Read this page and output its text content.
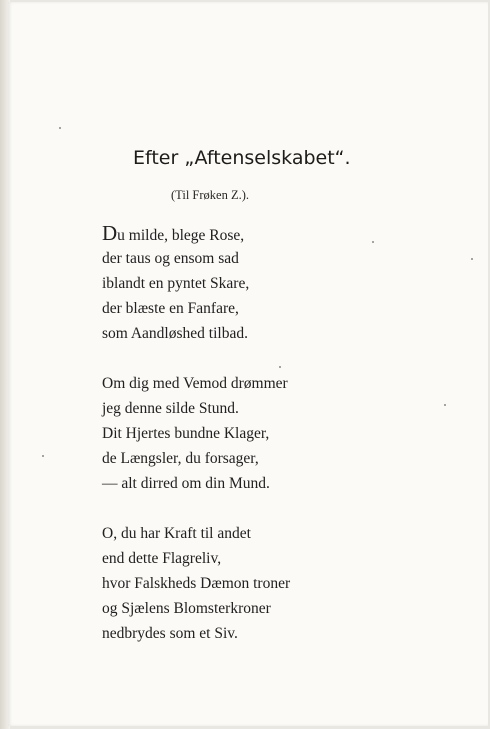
Efter „Aftenselskabet“.
(Til Frøken Z.).
Du milde, blege Rose,
der taus og ensom sad
iblandt en pyntet Skare,
der blæste en Fanfare,
som Aandløshed tilbad.
Om dig med Vemod drømmer
jeg denne silde Stund.
Dit Hjertes bundne Klager,
de Længsler, du forsager,
— alt dirred om din Mund.
O, du har Kraft til andet
end dette Flagreliv,
hvor Falskheds Dæmon troner
og Sjælens Blomsterkroner
nedbrydes som et Siv.
